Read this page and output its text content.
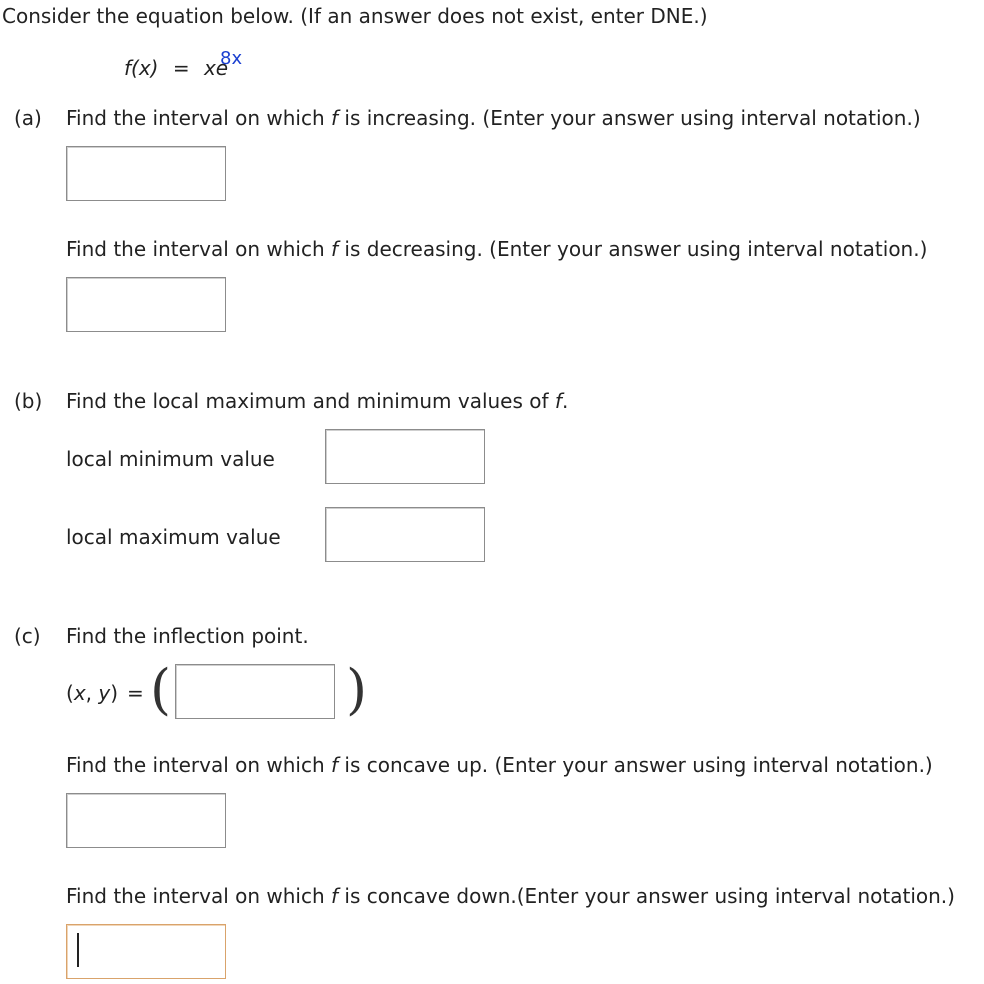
Consider the equation below. (If an answer does not exist, enter DNE.)
f(x) = xe
8x
(a) Find the interval on which f is increasing. (Enter your answer using interval notation.)
Find the interval on which f is decreasing. (Enter your answer using interval notation.)
(b) Find the local maximum and minimum values of f.
local minimum value
local maximum value
(c) Find the inflection point.
(x, y) = (	)
Find the interval on which f is concave up. (Enter your answer using interval notation.)
Find the interval on which f is concave down.(Enter your answer using interval notation.)
